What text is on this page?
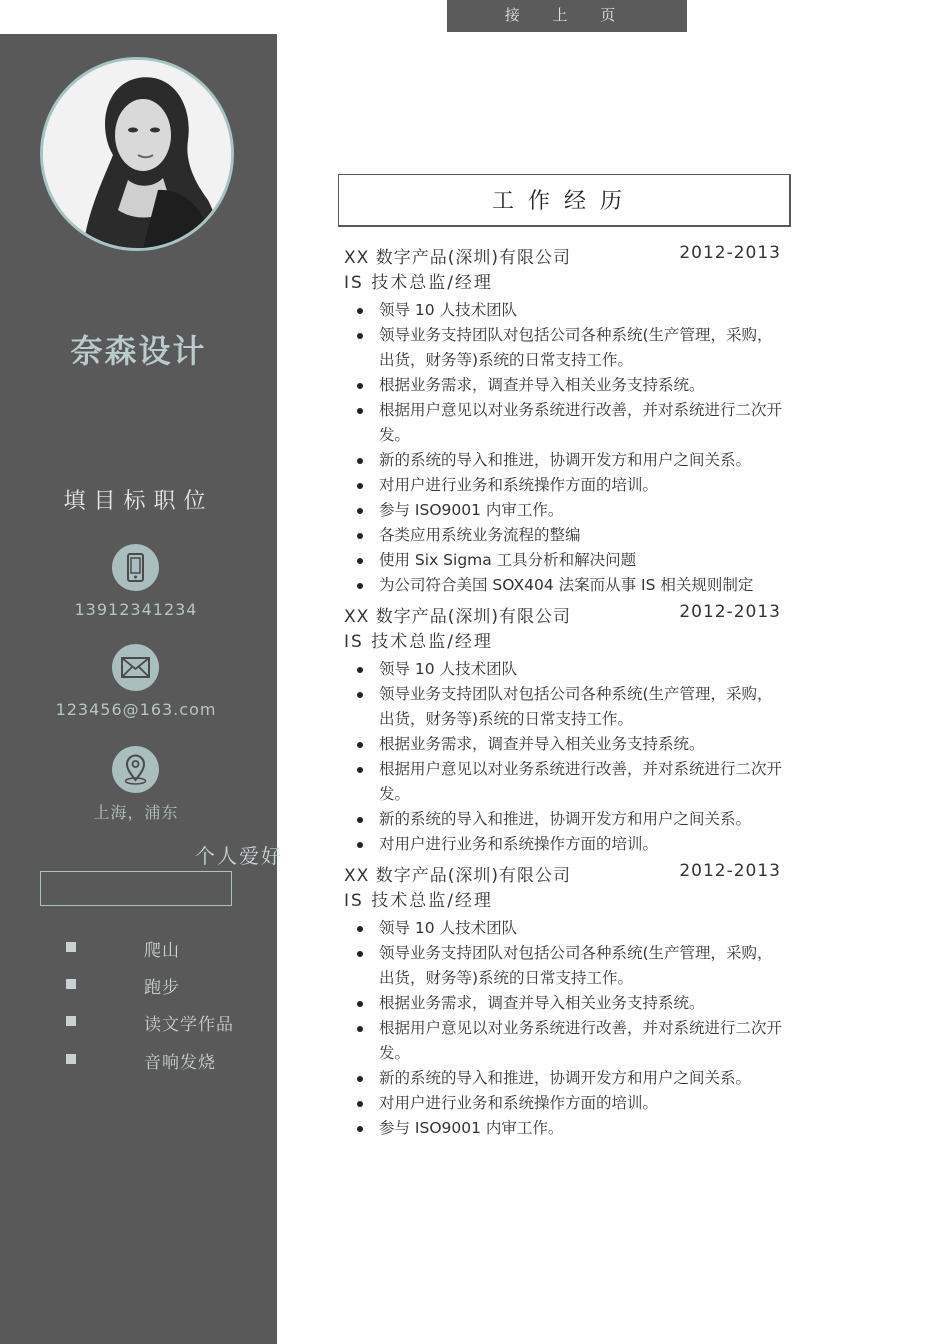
接 上 页
奈森设计
填目标职位
13912341234
123456@163.com
上海，浦东
爬山
跑步
读文学作品
音响发烧
个人爱好
工作经历
XX 数字产品(深圳)有限公司	2012-2013
IS 技术总监/经理
领导 10 人技术团队
领导业务支持团队对包括公司各种系统(生产管理，采购，出货，财务等)系统的日常支持工作。
根据业务需求，调查并导入相关业务支持系统。
根据用户意见以对业务系统进行改善，并对系统进行二次开发。
新的系统的导入和推进，协调开发方和用户之间关系。
对用户进行业务和系统操作方面的培训。
参与 ISO9001 内审工作。
各类应用系统业务流程的整编
使用 Six Sigma 工具分析和解决问题
为公司符合美国 SOX404 法案而从事 IS 相关规则制定
XX 数字产品(深圳)有限公司	2012-2013
IS 技术总监/经理
领导 10 人技术团队
领导业务支持团队对包括公司各种系统(生产管理，采购，出货，财务等)系统的日常支持工作。
根据业务需求，调查并导入相关业务支持系统。
根据用户意见以对业务系统进行改善，并对系统进行二次开发。
新的系统的导入和推进，协调开发方和用户之间关系。
对用户进行业务和系统操作方面的培训。
XX 数字产品(深圳)有限公司	2012-2013
IS 技术总监/经理
领导 10 人技术团队
领导业务支持团队对包括公司各种系统(生产管理，采购，出货，财务等)系统的日常支持工作。
根据业务需求，调查并导入相关业务支持系统。
根据用户意见以对业务系统进行改善，并对系统进行二次开发。
新的系统的导入和推进，协调开发方和用户之间关系。
对用户进行业务和系统操作方面的培训。
参与 ISO9001 内审工作。
